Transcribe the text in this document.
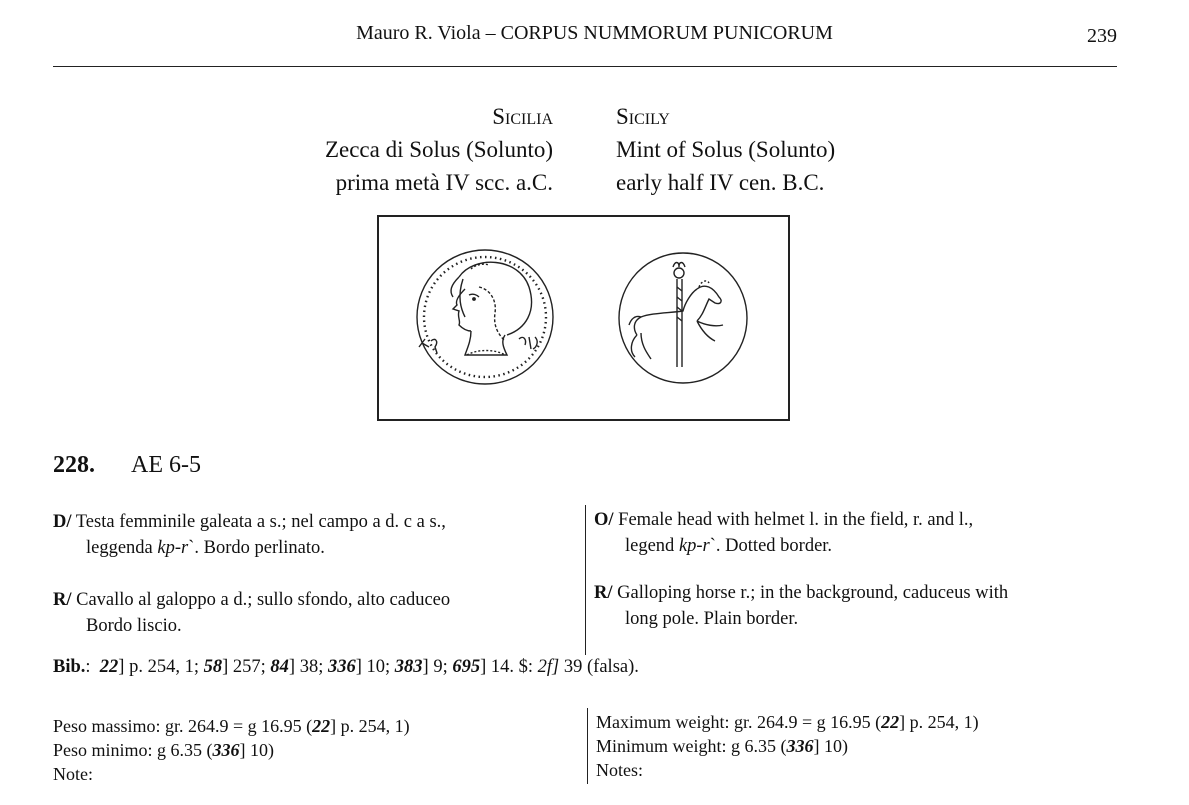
Mauro R. Viola – CORPUS NUMMORUM PUNICORUM	239
Sicilia
Zecca di Solus (Solunto)
prima metà IV scc. a.C.
Sicily
Mint of Solus (Soluntо)
early half IV cen. B.C.
𐤊𐤐𐤓
228. AE 6-5
D/ Testa femminile galeata a s.; nel campo a d. c a s.,
leggenda kp-r`. Bordo perlinato.
R/ Cavallo al galoppo a d.; sullo sfondo, alto caduceo
Bordo liscio.
O/ Female head with helmet l. in the field, r. and l.,
legend kp-r`. Dotted border.
R/ Galloping horse r.; in the background, caduceus with
long pole. Plain border.
Bib.: 22] p. 254, 1; 58] 257; 84] 38; 336] 10; 383] 9; 695] 14. $: 2f] 39 (falsa).
Peso massimo: gr. 264.9 = g 16.95 (22] p. 254, 1)
Peso minimo: g 6.35 (336] 10)
Note:
Maximum weight: gr. 264.9 = g 16.95 (22] p. 254, 1)
Minimum weight: g 6.35 (336] 10)
Notes:
